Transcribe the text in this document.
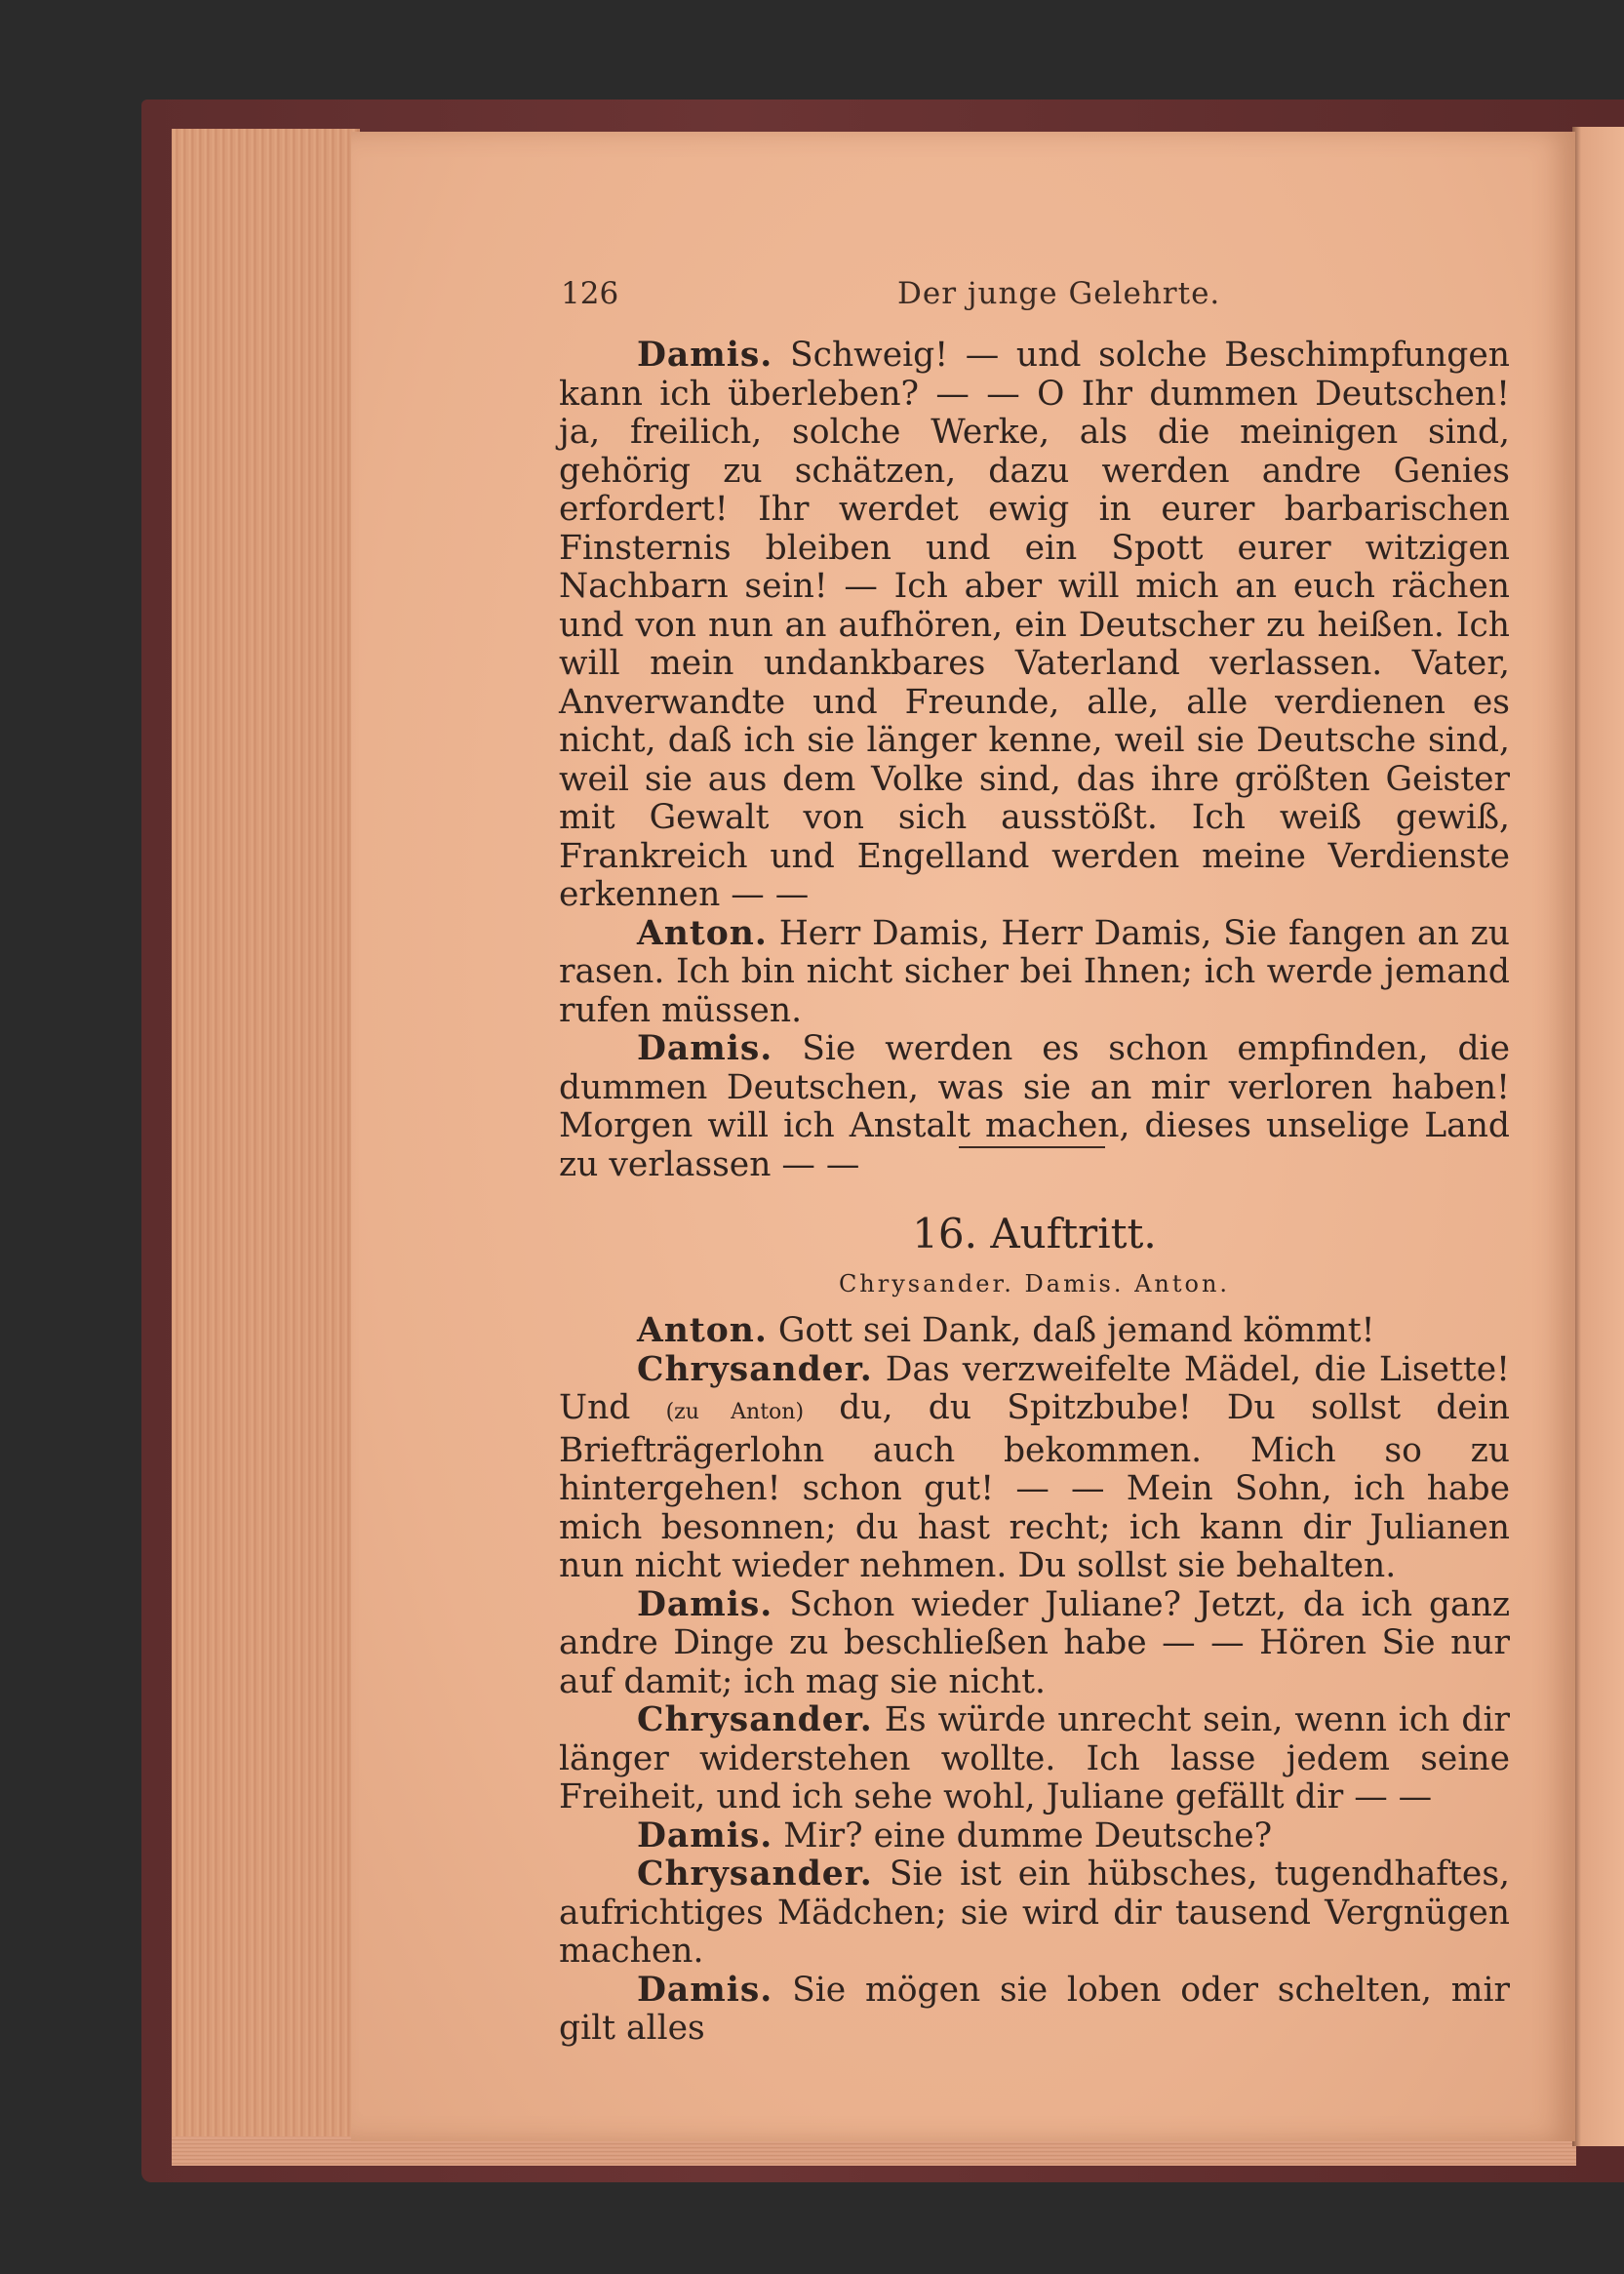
126	Der junge Gelehrte.

Damis. Schweig! — und solche Beschimpfungen kann ich überleben? — — O Ihr dummen Deutschen! ja, freilich, solche Werke, als die meinigen sind, gehörig zu schätzen, dazu werden andre Genies erfordert! Ihr werdet ewig in eurer barbarischen Finsternis bleiben und ein Spott eurer witzigen Nachbarn sein! — Ich aber will mich an euch rächen und von nun an aufhören, ein Deutscher zu heißen. Ich will mein undankbares Vaterland verlassen. Vater, Anverwandte und Freunde, alle, alle verdienen es nicht, daß ich sie länger kenne, weil sie Deutsche sind, weil sie aus dem Volke sind, das ihre größten Geister mit Gewalt von sich ausstößt. Ich weiß gewiß, Frankreich und Engelland werden meine Verdienste erkennen — —

Anton. Herr Damis, Herr Damis, Sie fangen an zu rasen. Ich bin nicht sicher bei Ihnen; ich werde jemand rufen müssen.

Damis. Sie werden es schon empfinden, die dummen Deutschen, was sie an mir verloren haben! Morgen will ich Anstalt machen, dieses unselige Land zu verlassen — —

16. Auftritt.
Chrysander. Damis. Anton.

Anton. Gott sei Dank, daß jemand kömmt!

Chrysander. Das verzweifelte Mädel, die Lisette! Und (zu Anton) du, du Spitzbube! Du sollst dein Briefträgerlohn auch bekommen. Mich so zu hintergehen! schon gut! — — Mein Sohn, ich habe mich besonnen; du hast recht; ich kann dir Julianen nun nicht wieder nehmen. Du sollst sie behalten.

Damis. Schon wieder Juliane? Jetzt, da ich ganz andre Dinge zu beschließen habe — — Hören Sie nur auf damit; ich mag sie nicht.

Chrysander. Es würde unrecht sein, wenn ich dir länger widerstehen wollte. Ich lasse jedem seine Freiheit, und ich sehe wohl, Juliane gefällt dir — —

Damis. Mir? eine dumme Deutsche?

Chrysander. Sie ist ein hübsches, tugendhaftes, aufrichtiges Mädchen; sie wird dir tausend Vergnügen machen.

Damis. Sie mögen sie loben oder schelten, mir gilt alles
